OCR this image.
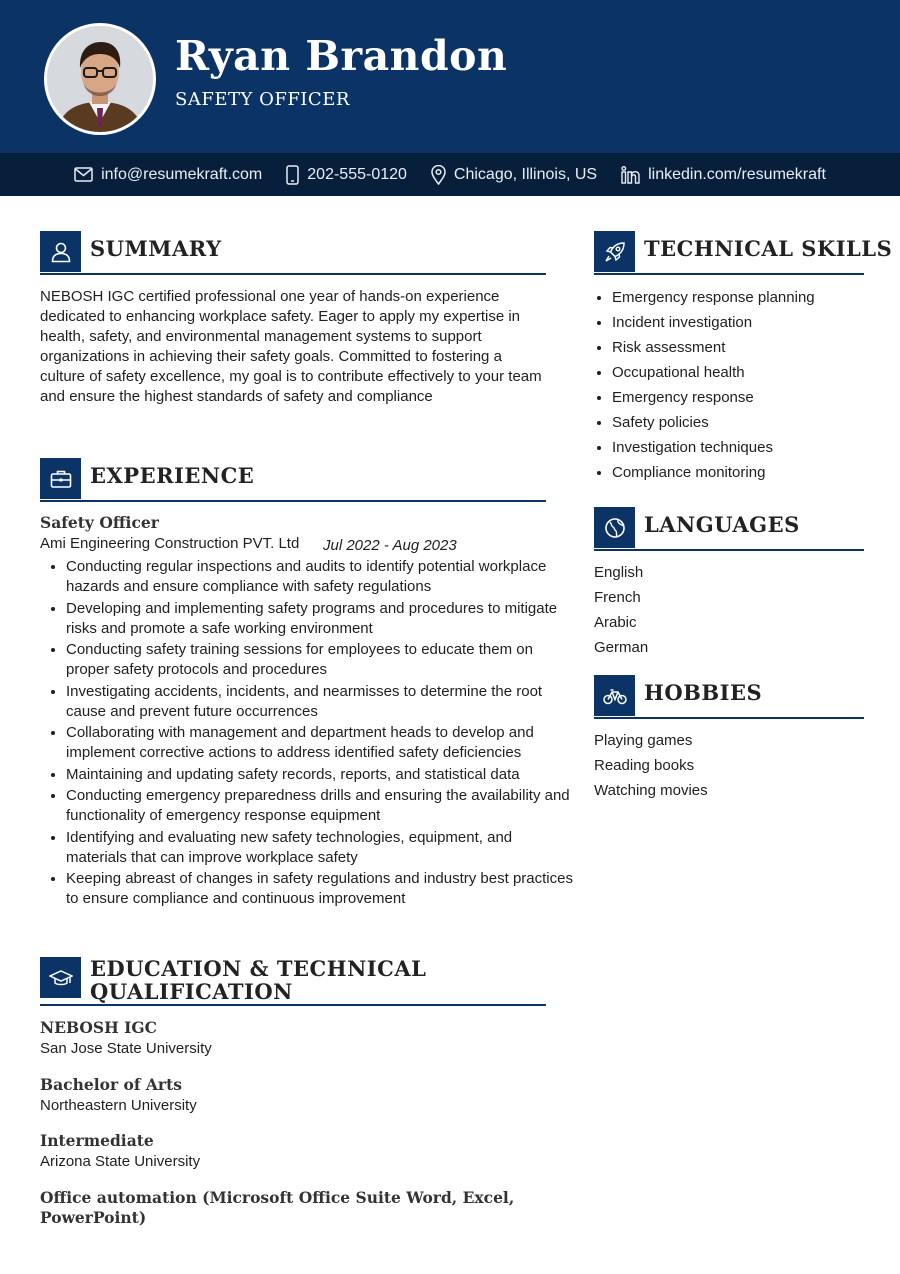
Ryan Brandon
SAFETY OFFICER
info@resumekraft.com	202-555-0120	Chicago, Illinois, US	linkedin.com/resumekraft
SUMMARY
NEBOSH IGC certified professional one year of hands-on experience dedicated to enhancing workplace safety. Eager to apply my expertise in health, safety, and environmental management systems to support organizations in achieving their safety goals. Committed to fostering a culture of safety excellence, my goal is to contribute effectively to your team and ensure the highest standards of safety and compliance
EXPERIENCE
Safety Officer
Ami Engineering Construction PVT. Ltd Jul 2022 - Aug 2023
• Conducting regular inspections and audits to identify potential workplace hazards and ensure compliance with safety regulations
• Developing and implementing safety programs and procedures to mitigate risks and promote a safe working environment
• Conducting safety training sessions for employees to educate them on proper safety protocols and procedures
• Investigating accidents, incidents, and nearmisses to determine the root cause and prevent future occurrences
• Collaborating with management and department heads to develop and implement corrective actions to address identified safety deficiencies
• Maintaining and updating safety records, reports, and statistical data
• Conducting emergency preparedness drills and ensuring the availability and functionality of emergency response equipment
• Identifying and evaluating new safety technologies, equipment, and materials that can improve workplace safety
• Keeping abreast of changes in safety regulations and industry best practices to ensure compliance and continuous improvement
EDUCATION & TECHNICAL QUALIFICATION
NEBOSH IGC
San Jose State University
Bachelor of Arts
Northeastern University
Intermediate
Arizona State University
Office automation (Microsoft Office Suite Word, Excel, PowerPoint)
TECHNICAL SKILLS
• Emergency response planning
• Incident investigation
• Risk assessment
• Occupational health
• Emergency response
• Safety policies
• Investigation techniques
• Compliance monitoring
LANGUAGES
English
French
Arabic
German
HOBBIES
Playing games
Reading books
Watching movies
